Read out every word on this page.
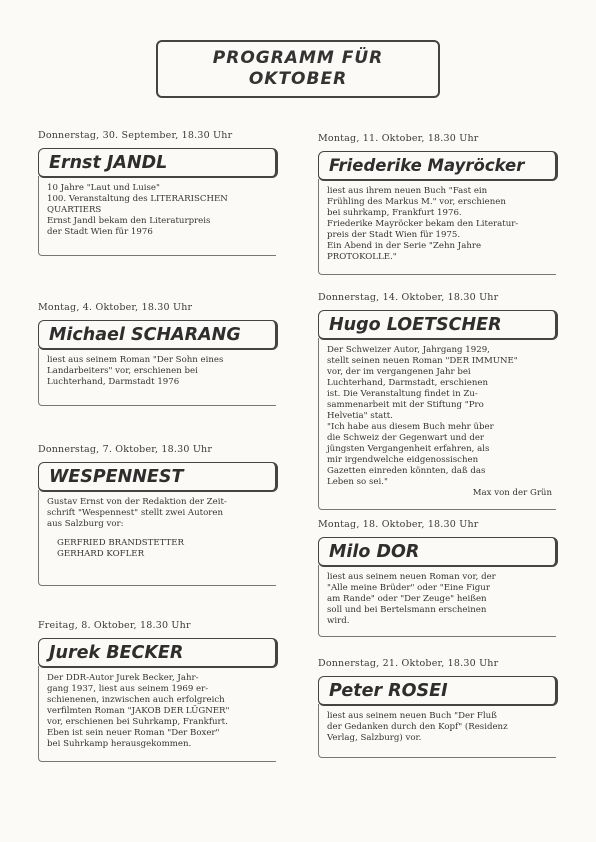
PROGRAMM FÜR
OKTOBER
Donnerstag, 30. September, 18.30 Uhr
Ernst JANDL
10 Jahre "Laut und Luise"
100. Veranstaltung des LITERARISCHEN
QUARTIERS
Ernst Jandl bekam den Literaturpreis
der Stadt Wien für 1976
Montag, 4. Oktober, 18.30 Uhr
Michael SCHARANG
liest aus seinem Roman "Der Sohn eines
Landarbeiters" vor, erschienen bei
Luchterhand, Darmstadt 1976
Donnerstag, 7. Oktober, 18.30 Uhr
WESPENNEST
Gustav Ernst von der Redaktion der Zeit-
schrift "Wespennest" stellt zwei Autoren
aus Salzburg vor:
GERFRIED BRANDSTETTER
GERHARD KOFLER
Freitag, 8. Oktober, 18.30 Uhr
Jurek BECKER
Der DDR-Autor Jurek Becker, Jahr-
gang 1937, liest aus seinem 1969 er-
schienenen, inzwischen auch erfolgreich
verfilmten Roman "JAKOB DER LÜGNER"
vor, erschienen bei Suhrkamp, Frankfurt.
Eben ist sein neuer Roman "Der Boxer"
bei Suhrkamp herausgekommen.
Montag, 11. Oktober, 18.30 Uhr
Friederike Mayröcker
liest aus ihrem neuen Buch "Fast ein
Frühling des Markus M." vor, erschienen
bei suhrkamp, Frankfurt 1976.
Friederike Mayröcker bekam den Literatur-
preis der Stadt Wien für 1975.
Ein Abend in der Serie "Zehn Jahre
PROTOKOLLE."
Donnerstag, 14. Oktober, 18.30 Uhr
Hugo LOETSCHER
Der Schweizer Autor, Jahrgang 1929,
stellt seinen neuen Roman "DER IMMUNE"
vor, der im vergangenen Jahr bei
Luchterhand, Darmstadt, erschienen
ist. Die Veranstaltung findet in Zu-
sammenarbeit mit der Stiftung "Pro
Helvetia" statt.
"Ich habe aus diesem Buch mehr über
die Schweiz der Gegenwart und der
jüngsten Vergangenheit erfahren, als
mir irgendwelche eidgenossischen
Gazetten einreden könnten, daß das
Leben so sei."
Max von der Grün
Montag, 18. Oktober, 18.30 Uhr
Milo DOR
liest aus seinem neuen Roman vor, der
"Alle meine Brüder" oder "Eine Figur
am Rande" oder "Der Zeuge" heißen
soll und bei Bertelsmann erscheinen
wird.
Donnerstag, 21. Oktober, 18.30 Uhr
Peter ROSEI
liest aus seinem neuen Buch "Der Fluß
der Gedanken durch den Kopf" (Residenz
Verlag, Salzburg) vor.
